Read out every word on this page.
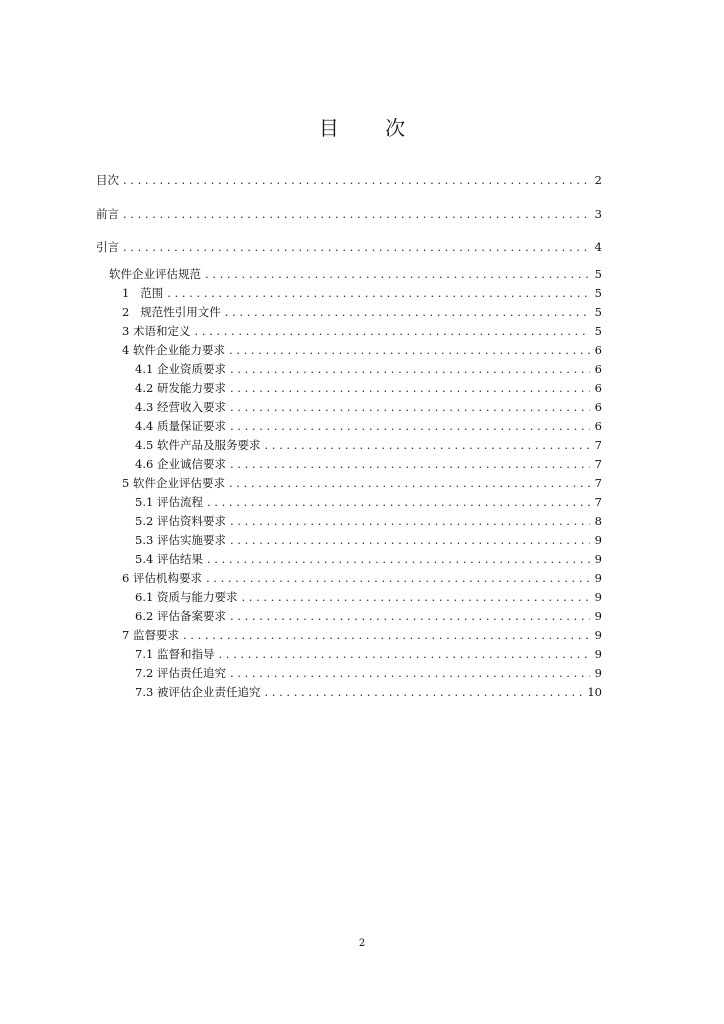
目 次
目次 . . .	2
前言 . . .	3
引言 . . .	4
软件企业评估规范 . . .	5
1   范围 . . .	5
2   规范性引用文件 . . .	5
3 术语和定义 . . .	5
4 软件企业能力要求 . . .	6
4.1 企业资质要求 . . .	6
4.2 研发能力要求 . . .	6
4.3 经营收入要求 . . .	6
4.4 质量保证要求 . . .	6
4.5 软件产品及服务要求 . . .	7
4.6 企业诚信要求 . . .	7
5 软件企业评估要求 . . .	7
5.1 评估流程 . . .	7
5.2 评估资料要求 . . .	8
5.3 评估实施要求 . . .	9
5.4 评估结果 . . .	9
6 评估机构要求 . . .	9
6.1 资质与能力要求 . . .	9
6.2 评估备案要求 . . .	9
7 监督要求 . . .	9
7.1 监督和指导 . . .	9
7.2 评估责任追究 . . .	9
7.3 被评估企业责任追究 . . .	10
2
